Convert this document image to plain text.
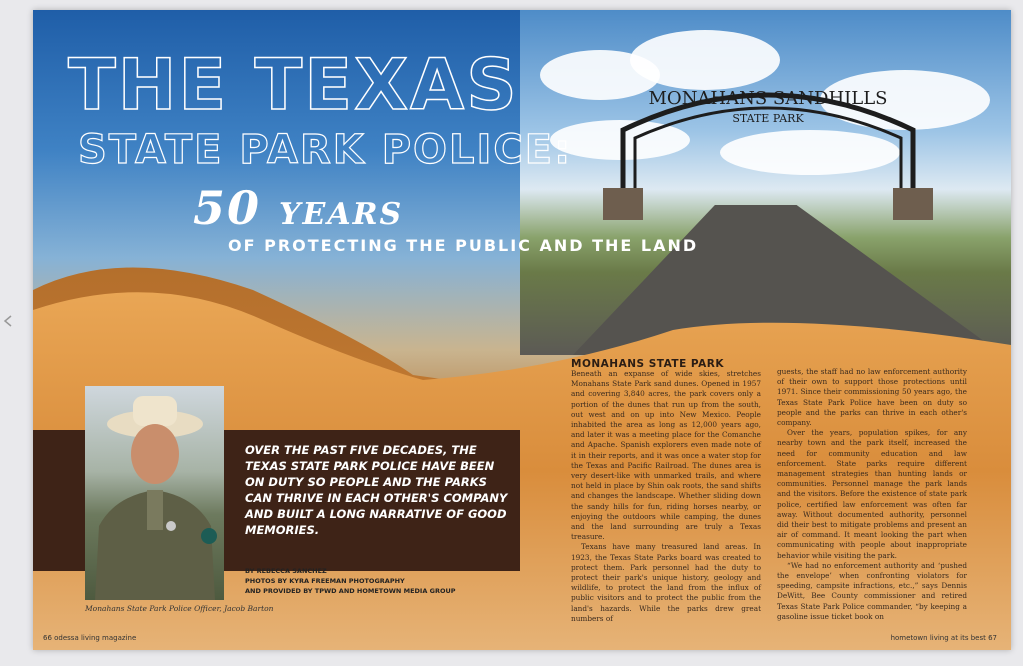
MONAHANS SANDHILLS
STATE PARK
THE TEXAS
STATE PARK POLICE:
50 YEARS
OF PROTECTING THE PUBLIC AND THE LAND
OVER THE PAST FIVE DECADES, THE TEXAS STATE PARK POLICE HAVE BEEN ON DUTY SO PEOPLE AND THE PARKS CAN THRIVE IN EACH OTHER'S COMPANY AND BUILT A LONG NARRATIVE OF GOOD MEMORIES.
Monahans State Park Police Officer, Jacob Barton
BY REBECCA SANCHEZ
PHOTOS BY KYRA FREEMAN PHOTOGRAPHY
AND PROVIDED BY TPWD AND HOMETOWN MEDIA GROUP
MONAHANS STATE PARK

Beneath an expanse of wide skies, stretches Monahans State Park sand dunes. Opened in 1957 and covering 3,840 acres, the park covers only a portion of the dunes that run up from the south, out west and on up into New Mexico. People inhabited the area as long as 12,000 years ago, and later it was a meeting place for the Comanche and Apache. Spanish explorers even made note of it in their reports, and it was once a water stop for the Texas and Pacific Railroad. The dunes area is very desert-like with unmarked trails, and where not held in place by Shin oak roots, the sand shifts and changes the landscape. Whether sliding down the sandy hills for fun, riding horses nearby, or enjoying the outdoors while camping, the dunes and the land surrounding are truly a Texas treasure.

Texans have many treasured land areas. In 1923, the Texas State Parks board was created to protect them. Park personnel had the duty to protect their park's unique history, geology and wildlife, to protect the land from the influx of public visitors and to protect the public from the land's hazards. While the parks drew great numbers of

guests, the staff had no law enforcement authority of their own to support those protections until 1971. Since their commissioning 50 years ago, the Texas State Park Police have been on duty so people and the parks can thrive in each other's company.

Over the years, population spikes, for any nearby town and the park itself, increased the need for community education and law enforcement. State parks require different management strategies than hunting lands or communities. Personnel manage the park lands and the visitors. Before the existence of state park police, certified law enforcement was often far away. Without documented authority, personnel did their best to mitigate problems and present an air of command. It meant looking the part when communicating with people about inappropriate behavior while visiting the park.

“We had no enforcement authority and ‘pushed the envelope’ when confronting violators for speeding, campsite infractions, etc.,” says Dennis DeWitt, Bee County commissioner and retired Texas State Park Police commander, “by keeping a gasoline issue ticket book on

66 odessa living magazine	hometown living at its best 67
